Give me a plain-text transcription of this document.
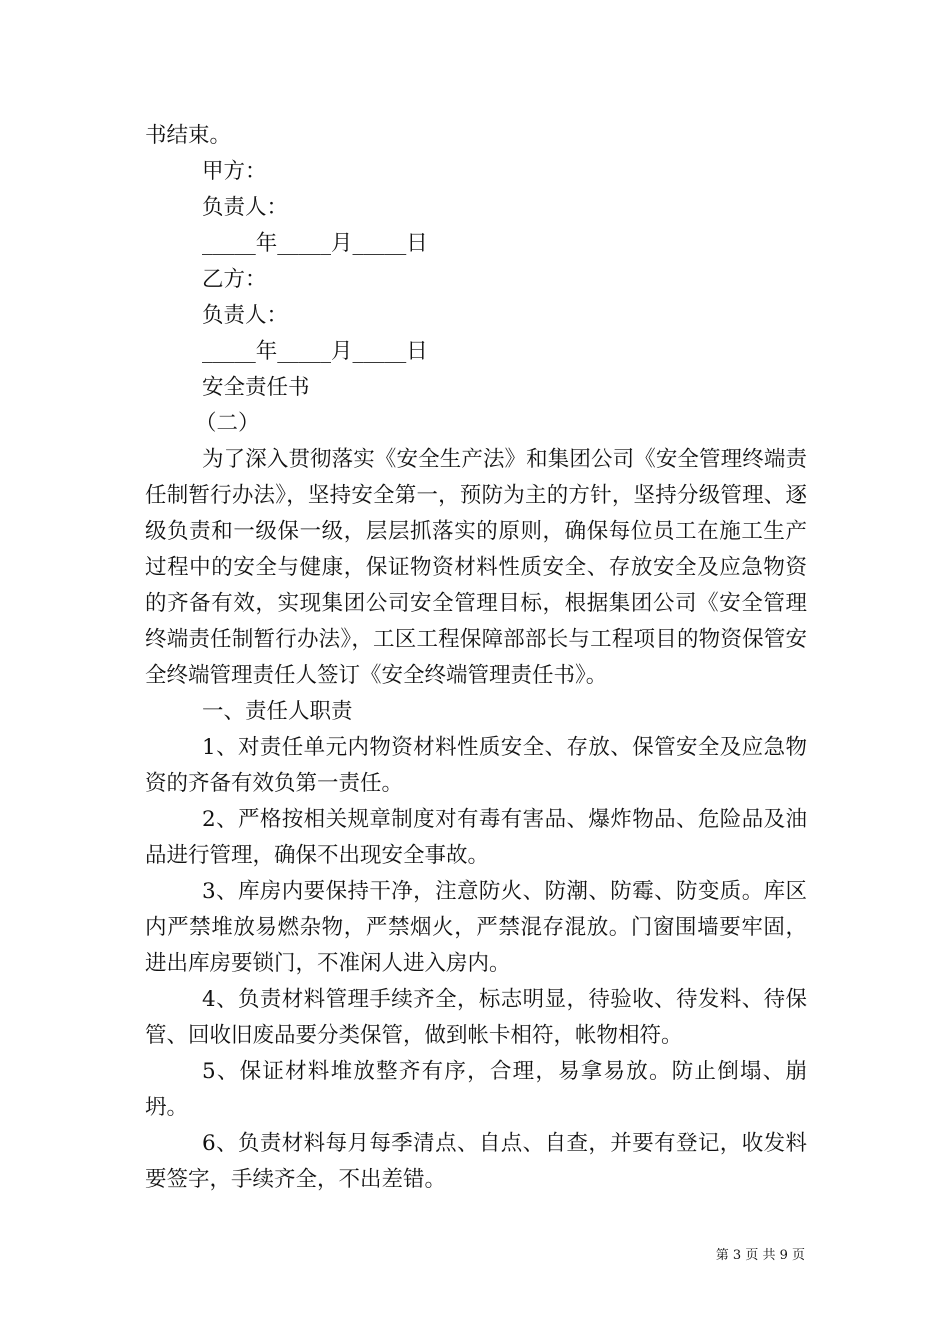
书结束。

甲方：

负责人：

_____年_____月_____日

乙方：

负责人：

_____年_____月_____日

安全责任书

（二）

为了深入贯彻落实《安全生产法》和集团公司《安全管理终端责任制暂行办法》，坚持安全第一，预防为主的方针，坚持分级管理、逐级负责和一级保一级，层层抓落实的原则，确保每位员工在施工生产过程中的安全与健康，保证物资材料性质安全、存放安全及应急物资的齐备有效，实现集团公司安全管理目标，根据集团公司《安全管理终端责任制暂行办法》，工区工程保障部部长与工程项目的物资保管安全终端管理责任人签订《安全终端管理责任书》。

一、责任人职责

1、对责任单元内物资材料性质安全、存放、保管安全及应急物资的齐备有效负第一责任。

2、严格按相关规章制度对有毒有害品、爆炸物品、危险品及油品进行管理，确保不出现安全事故。

3、库房内要保持干净，注意防火、防潮、防霉、防变质。库区内严禁堆放易燃杂物，严禁烟火，严禁混存混放。门窗围墙要牢固，进出库房要锁门，不准闲人进入房内。

4、负责材料管理手续齐全，标志明显，待验收、待发料、待保管、回收旧废品要分类保管，做到帐卡相符，帐物相符。

5、保证材料堆放整齐有序，合理，易拿易放。防止倒塌、崩坍。

6、负责材料每月每季清点、自点、自查，并要有登记，收发料要签字，手续齐全，不出差错。

第 3 页 共 9 页
